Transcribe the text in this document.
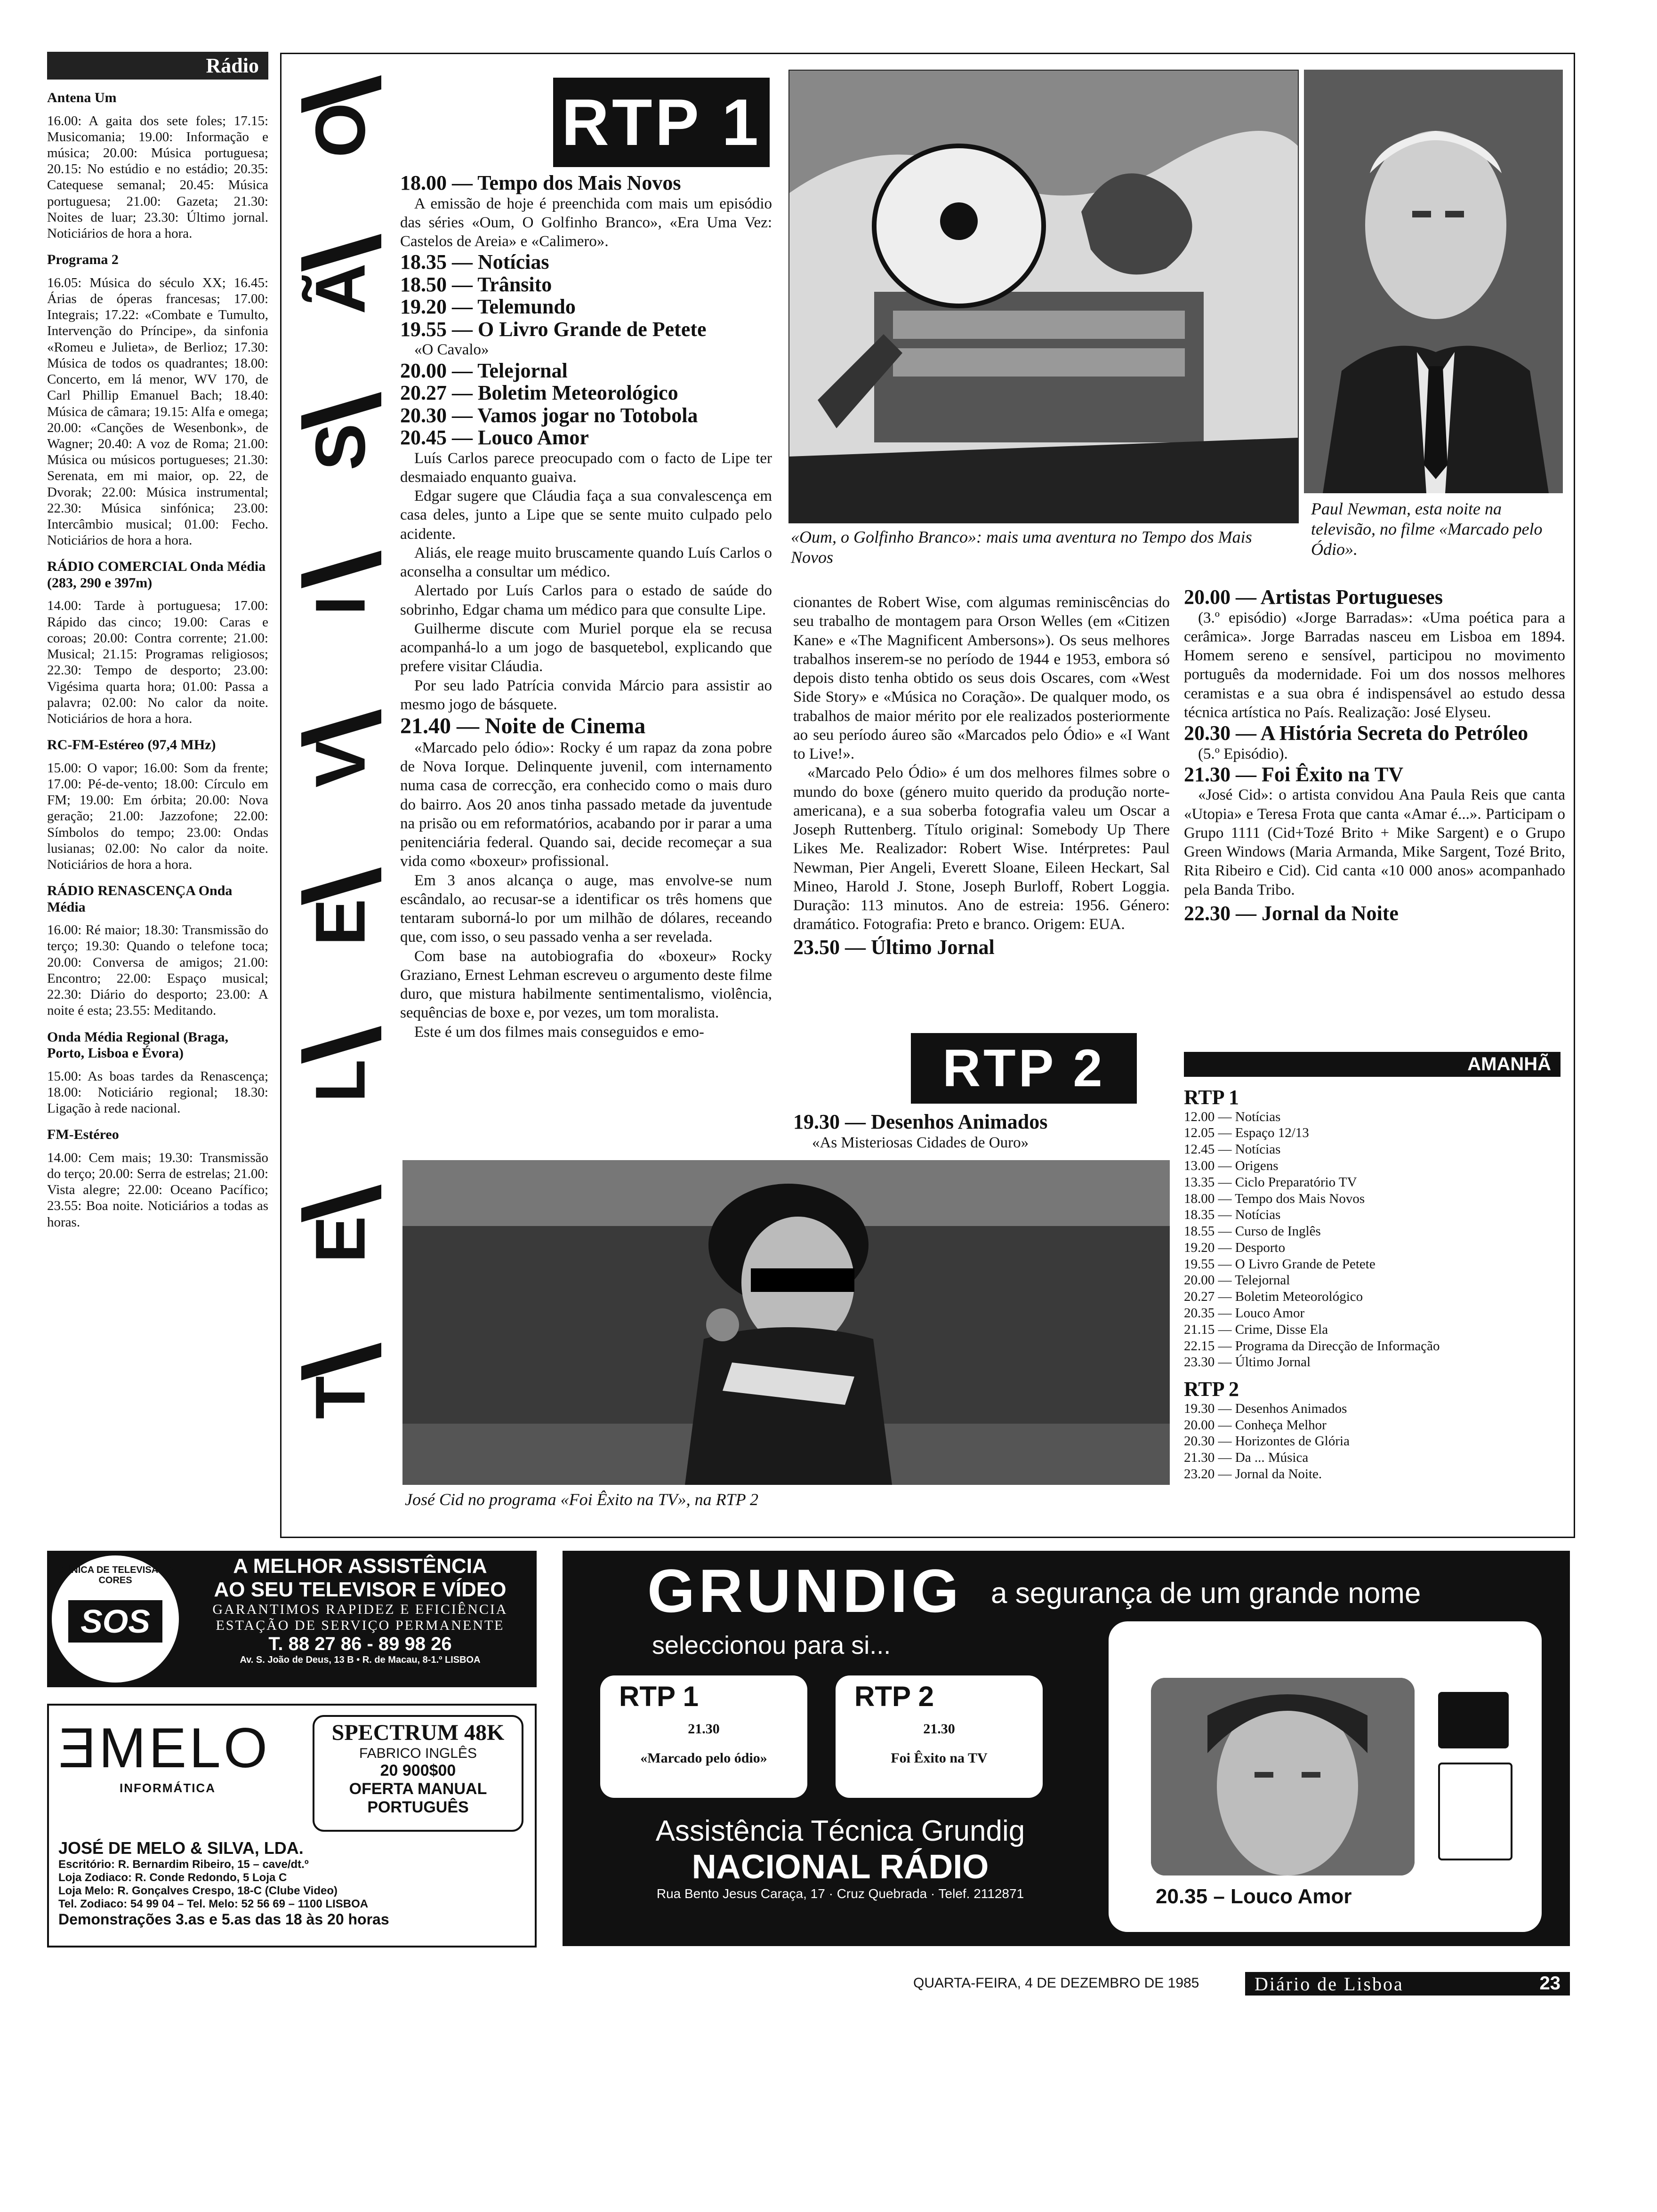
Rádio

Antena Um

16.00: A gaita dos sete foles; 17.15: Musicomania; 19.00: Informação e música; 20.00: Música portuguesa; 20.15: No estúdio e no estádio; 20.35: Catequese semanal; 20.45: Música portuguesa; 21.00: Gazeta; 21.30: Noites de luar; 23.30: Último jornal. Noticiários de hora a hora.

Programa 2

16.05: Música do século XX; 16.45: Árias de óperas francesas; 17.00: Integrais; 17.22: «Combate e Tumulto, Intervenção do Príncipe», da sinfonia «Romeu e Julieta», de Berlioz; 17.30: Música de todos os quadrantes; 18.00: Concerto, em lá menor, WV 170, de Carl Phillip Emanuel Bach; 18.40: Música de câmara; 19.15: Alfa e omega; 20.00: «Canções de Wesenbonk», de Wagner; 20.40: A voz de Roma; 21.00: Música ou músicos portugueses; 21.30: Serenata, em mi maior, op. 22, de Dvorak; 22.00: Música instrumental; 22.30: Música sinfónica; 23.00: Intercâmbio musical; 01.00: Fecho. Noticiários de hora a hora.

RÁDIO COMERCIAL Onda Média (283, 290 e 397m)

14.00: Tarde à portuguesa; 17.00: Rápido das cinco; 19.00: Caras e coroas; 20.00: Contra corrente; 21.00: Musical; 21.15: Programas religiosos; 22.30: Tempo de desporto; 23.00: Vigésima quarta hora; 01.00: Passa a palavra; 02.00: No calor da noite. Noticiários de hora a hora.

RC-FM-Estéreo (97,4 MHz)

15.00: O vapor; 16.00: Som da frente; 17.00: Pé-de-vento; 18.00: Círculo em FM; 19.00: Em órbita; 20.00: Nova geração; 21.00: Jazzofone; 22.00: Símbolos do tempo; 23.00: Ondas lusianas; 02.00: No calor da noite. Noticiários de hora a hora.

RÁDIO RENASCENÇA Onda Média

16.00: Ré maior; 18.30: Transmissão do terço; 19.30: Quando o telefone toca; 20.00: Conversa de amigos; 21.00: Encontro; 22.00: Espaço musical; 22.30: Diário do desporto; 23.00: A noite é esta; 23.55: Meditando.

Onda Média Regional (Braga, Porto, Lisboa e Évora)

15.00: As boas tardes da Renascença; 18.00: Noticiário regional; 18.30: Ligação à rede nacional.

FM-Estéreo

14.00: Cem mais; 19.30: Transmissão do terço; 20.00: Serra de estrelas; 21.00: Vista alegre; 22.00: Oceano Pacífico; 23.55: Boa noite. Noticiários a todas as horas.

T
E
L
E
V
I
S
Ã
O	RTP 1
«Oum, o Golfinho Branco»: mais uma aventura no Tempo dos Mais Novos
Paul Newman, esta noite na televisão, no filme «Marcado pelo Ódio».

18.00 — Tempo dos Mais Novos

A emissão de hoje é preenchida com mais um episódio das séries «Oum, O Golfinho Branco», «Era Uma Vez: Castelos de Areia» e «Calimero».

18.35 — Notícias

18.50 — Trânsito

19.20 — Telemundo

19.55 — O Livro Grande de Petete

«O Cavalo»

20.00 — Telejornal

20.27 — Boletim Meteorológico

20.30 — Vamos jogar no Totobola

20.45 — Louco Amor

Luís Carlos parece preocupado com o facto de Lipe ter desmaiado enquanto guaiva.

Edgar sugere que Cláudia faça a sua convalescença em casa deles, junto a Lipe que se sente muito culpado pelo acidente.

Aliás, ele reage muito bruscamente quando Luís Carlos o aconselha a consultar um médico.

Alertado por Luís Carlos para o estado de saúde do sobrinho, Edgar chama um médico para que consulte Lipe.

Guilherme discute com Muriel porque ela se recusa acompanhá-lo a um jogo de basquetebol, explicando que prefere visitar Cláudia.

Por seu lado Patrícia convida Márcio para assistir ao mesmo jogo de básquete.

21.40 — Noite de Cinema

«Marcado pelo ódio»: Rocky é um rapaz da zona pobre de Nova Iorque. Delinquente juvenil, com internamento numa casa de correcção, era conhecido como o mais duro do bairro. Aos 20 anos tinha passado metade da juventude na prisão ou em reformatórios, acabando por ir parar a uma penitenciária federal. Quando sai, decide recomeçar a sua vida como «boxeur» profissional.

Em 3 anos alcança o auge, mas envolve-se num escândalo, ao recusar-se a identificar os três homens que tentaram suborná-lo por um milhão de dólares, receando que, com isso, o seu passado venha a ser revelada.

Com base na autobiografia do «boxeur» Rocky Graziano, Ernest Lehman escreveu o argumento deste filme duro, que mistura habilmente sentimentalismo, violência, sequências de boxe e, por vezes, um tom moralista.

Este é um dos filmes mais conseguidos e emo-

cionantes de Robert Wise, com algumas reminiscências do seu trabalho de montagem para Orson Welles (em «Citizen Kane» e «The Magnificent Ambersons»). Os seus melhores trabalhos inserem-se no período de 1944 e 1953, embora só depois disto tenha obtido os seus dois Oscares, com «West Side Story» e «Música no Coração». De qualquer modo, os trabalhos de maior mérito por ele realizados posteriormente ao seu período áureo são «Marcados pelo Ódio» e «I Want to Live!».

«Marcado Pelo Ódio» é um dos melhores filmes sobre o mundo do boxe (género muito querido da produção norte-americana), e a sua soberba fotografia valeu um Oscar a Joseph Ruttenberg. Título original: Somebody Up There Likes Me. Realizador: Robert Wise. Intérpretes: Paul Newman, Pier Angeli, Everett Sloane, Eileen Heckart, Sal Mineo, Harold J. Stone, Joseph Burloff, Robert Loggia. Duração: 113 minutos. Ano de estreia: 1956. Género: dramático. Fotografia: Preto e branco. Origem: EUA.

23.50 — Último Jornal

RTP 2

19.30 — Desenhos Animados

«As Misteriosas Cidades de Ouro»

20.00 — Artistas Portugueses

(3.º episódio) «Jorge Barradas»: «Uma poética para a cerâmica». Jorge Barradas nasceu em Lisboa em 1894. Homem sereno e sensível, participou no movimento português da modernidade. Foi um dos nossos melhores ceramistas e a sua obra é indispensável ao estudo dessa técnica artística no País. Realização: José Elyseu.

20.30 — A História Secreta do Petróleo

(5.º Episódio).

21.30 — Foi Êxito na TV

«José Cid»: o artista convidou Ana Paula Reis que canta «Utopia» e Teresa Frota que canta «Amar é...». Participam o Grupo 1111 (Cid+Tozé Brito + Mike Sargent) e o Grupo Green Windows (Maria Armanda, Mike Sargent, Tozé Brito, Rita Ribeiro e Cid). Cid canta «10 000 anos» acompanhado pela Banda Tribo.

22.30 — Jornal da Noite

AMANHÃ

RTP 1

12.00 — Notícias

12.05 — Espaço 12/13

12.45 — Notícias

13.00 — Origens

13.35 — Ciclo Preparatório TV

18.00 — Tempo dos Mais Novos

18.35 — Notícias

18.55 — Curso de Inglês

19.20 — Desporto

19.55 — O Livro Grande de Petete

20.00 — Telejornal

20.27 — Boletim Meteorológico

20.35 — Louco Amor

21.15 — Crime, Disse Ela

22.15 — Programa da Direcção de Informação

23.30 — Último Jornal

RTP 2

19.30 — Desenhos Animados

20.00 — Conheça Melhor

20.30 — Horizontes de Glória

21.30 — Da ... Música

23.20 — Jornal da Noite.

José Cid no programa «Foi Êxito na TV», na RTP 2
CLÍNICA DE TELEVISÃO A CORES
SOS

A MELHOR ASSISTÊNCIA

AO SEU TELEVISOR E VÍDEO

GARANTIMOS RAPIDEZ E EFICIÊNCIA

ESTAÇÃO DE SERVIÇO PERMANENTE

T. 88 27 86 - 89 98 26

Av. S. João de Deus, 13 B • R. de Macau, 8-1.º LISBOA

ƎMELO
INFORMÁTICA

SPECTRUM 48K

FABRICO INGLÊS

20 900$00

OFERTA MANUAL

PORTUGUÊS

JOSÉ DE MELO & SILVA, LDA.

Escritório: R. Bernardim Ribeiro, 15 – cave/dt.º

Loja Zodiaco: R. Conde Redondo, 5 Loja C

Loja Melo: R. Gonçalves Crespo, 18-C (Clube Video)

Tel. Zodiaco: 54 99 04 – Tel. Melo: 52 56 69 – 1100 LISBOA

Demonstrações 3.as e 5.as das 18 às 20 horas

GRUNDIG a segurança de um grande nome
seleccionou para si...

RTP 1

21.30

«Marcado pelo ódio»

RTP 2

21.30

Foi Êxito na TV

20.35 – Louco Amor

Assistência Técnica Grundig

NACIONAL RÁDIO

Rua Bento Jesus Caraça, 17 · Cruz Quebrada · Telef. 2112871

QUARTA-FEIRA, 4 DE DEZEMBRO DE 1985	Diário de Lisboa	23
